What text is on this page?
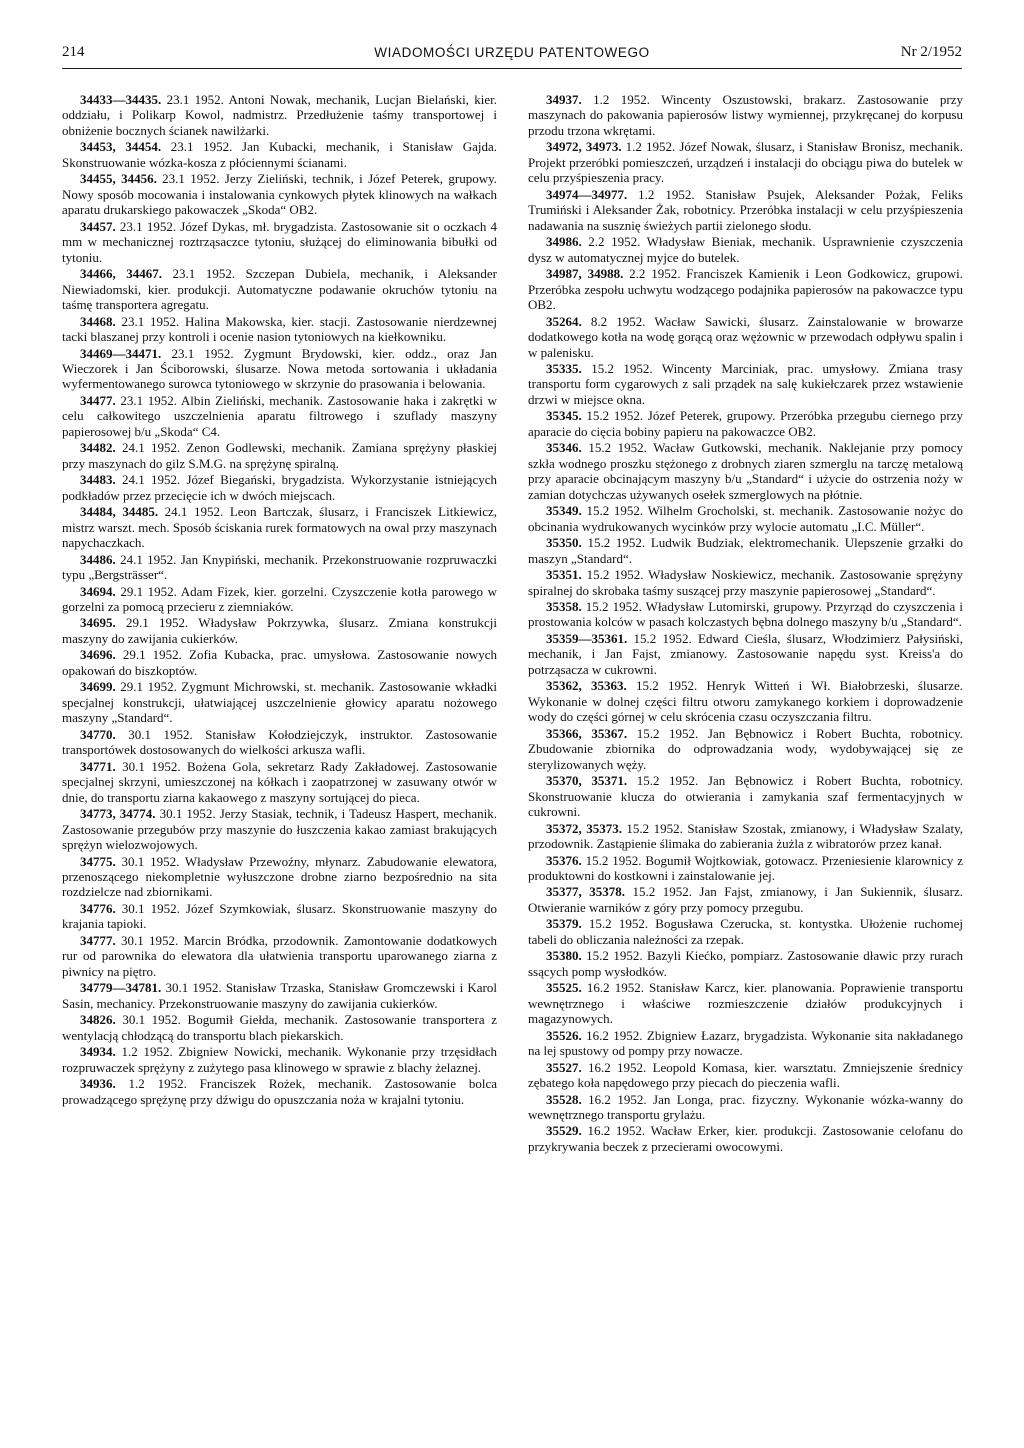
214	WIADOMOŚCI URZĘDU PATENTOWEGO	Nr 2/1952

34433—34435. 23.1 1952. Antoni Nowak, mechanik, Lucjan Bielański, kier. oddziału, i Polikarp Kowol, nadmistrz. Przedłużenie taśmy transportowej i obniżenie bocznych ścianek nawilżarki.

34453, 34454. 23.1 1952. Jan Kubacki, mechanik, i Stanisław Gajda. Skonstruowanie wózka-kosza z płóciennymi ścianami.

34455, 34456. 23.1 1952. Jerzy Zieliński, technik, i Józef Peterek, grupowy. Nowy sposób mocowania i instalowania cynkowych płytek klinowych na wałkach aparatu drukarskiego pakowaczek „Skoda“ OB2.

34457. 23.1 1952. Józef Dykas, mł. brygadzista. Zastosowanie sit o oczkach 4 mm w mechanicznej roztrząsaczce tytoniu, służącej do eliminowania bibułki od tytoniu.

34466, 34467. 23.1 1952. Szczepan Dubiela, mechanik, i Aleksander Niewiadomski, kier. produkcji. Automatyczne podawanie okruchów tytoniu na taśmę transportera agregatu.

34468. 23.1 1952. Halina Makowska, kier. stacji. Zastosowanie nierdzewnej tacki blaszanej przy kontroli i ocenie nasion tytoniowych na kiełkowniku.

34469—34471. 23.1 1952. Zygmunt Brydowski, kier. oddz., oraz Jan Wieczorek i Jan Ściborowski, ślusarze. Nowa metoda sortowania i układania wyfermentowanego surowca tytoniowego w skrzynie do prasowania i belowania.

34477. 23.1 1952. Albin Zieliński, mechanik. Zastosowanie haka i zakrętki w celu całkowitego uszczelnienia aparatu filtrowego i szuflady maszyny papierosowej b/u „Skoda“ C4.

34482. 24.1 1952. Zenon Godlewski, mechanik. Zamiana sprężyny płaskiej przy maszynach do gilz S.M.G. na sprężynę spiralną.

34483. 24.1 1952. Józef Biegański, brygadzista. Wykorzystanie istniejących podkładów przez przecięcie ich w dwóch miejscach.

34484, 34485. 24.1 1952. Leon Bartczak, ślusarz, i Franciszek Litkiewicz, mistrz warszt. mech. Sposób ściskania rurek formatowych na owal przy maszynach napychaczkach.

34486. 24.1 1952. Jan Knypiński, mechanik. Przekonstruowanie rozpruwaczki typu „Bergsträsser“.

34694. 29.1 1952. Adam Fizek, kier. gorzelni. Czyszczenie kotła parowego w gorzelni za pomocą przecieru z ziemniaków.

34695. 29.1 1952. Władysław Pokrzywka, ślusarz. Zmiana konstrukcji maszyny do zawijania cukierków.

34696. 29.1 1952. Zofia Kubacka, prac. umysłowa. Zastosowanie nowych opakowań do biszkoptów.

34699. 29.1 1952. Zygmunt Michrowski, st. mechanik. Zastosowanie wkładki specjalnej konstrukcji, ułatwiającej uszczelnienie głowicy aparatu nożowego maszyny „Standard“.

34770. 30.1 1952. Stanisław Kołodziejczyk, instruktor. Zastosowanie transportówek dostosowanych do wielkości arkusza wafli.

34771. 30.1 1952. Bożena Gola, sekretarz Rady Zakładowej. Zastosowanie specjalnej skrzyni, umieszczonej na kółkach i zaopatrzonej w zasuwany otwór w dnie, do transportu ziarna kakaowego z maszyny sortującej do pieca.

34773, 34774. 30.1 1952. Jerzy Stasiak, technik, i Tadeusz Haspert, mechanik. Zastosowanie przegubów przy maszynie do łuszczenia kakao zamiast brakujących sprężyn wielozwojowych.

34775. 30.1 1952. Władysław Przewoźny, młynarz. Zabudowanie elewatora, przenoszącego niekompletnie wyłuszczone drobne ziarno bezpośrednio na sita rozdzielcze nad zbiornikami.

34776. 30.1 1952. Józef Szymkowiak, ślusarz. Skonstruowanie maszyny do krajania tapioki.

34777. 30.1 1952. Marcin Bródka, przodownik. Zamontowanie dodatkowych rur od parownika do elewatora dla ułatwienia transportu uparowanego ziarna z piwnicy na piętro.

34779—34781. 30.1 1952. Stanisław Trzaska, Stanisław Gromczewski i Karol Sasin, mechanicy. Przekonstruowanie maszyny do zawijania cukierków.

34826. 30.1 1952. Bogumił Giełda, mechanik. Zastosowanie transportera z wentylacją chłodzącą do transportu blach piekarskich.

34934. 1.2 1952. Zbigniew Nowicki, mechanik. Wykonanie przy trzęsidłach rozpruwaczek sprężyny z zużytego pasa klinowego w sprawie z blachy żelaznej.

34936. 1.2 1952. Franciszek Rożek, mechanik. Zastosowanie bolca prowadzącego sprężynę przy dźwigu do opuszczania noża w krajalni tytoniu.

34937. 1.2 1952. Wincenty Oszustowski, brakarz. Zastosowanie przy maszynach do pakowania papierosów listwy wymiennej, przykręcanej do korpusu przodu trzona wkrętami.

34972, 34973. 1.2 1952. Józef Nowak, ślusarz, i Stanisław Bronisz, mechanik. Projekt przeróbki pomieszczeń, urządzeń i instalacji do obciągu piwa do butelek w celu przyśpieszenia pracy.

34974—34977. 1.2 1952. Stanisław Psujek, Aleksander Pożak, Feliks Trumiński i Aleksander Żak, robotnicy. Przeróbka instalacji w celu przyśpieszenia nadawania na susznię świeżych partii zielonego słodu.

34986. 2.2 1952. Władysław Bieniak, mechanik. Usprawnienie czyszczenia dysz w automatycznej myjce do butelek.

34987, 34988. 2.2 1952. Franciszek Kamienik i Leon Godkowicz, grupowi. Przeróbka zespołu uchwytu wodzącego podajnika papierosów na pakowaczce typu OB2.

35264. 8.2 1952. Wacław Sawicki, ślusarz. Zainstalowanie w browarze dodatkowego kotła na wodę gorącą oraz wężownic w przewodach odpływu spalin i w palenisku.

35335. 15.2 1952. Wincenty Marciniak, prac. umysłowy. Zmiana trasy transportu form cygarowych z sali prządek na salę kukiełczarek przez wstawienie drzwi w miejsce okna.

35345. 15.2 1952. Józef Peterek, grupowy. Przeróbka przegubu ciernego przy aparacie do cięcia bobiny papieru na pakowaczce OB2.

35346. 15.2 1952. Wacław Gutkowski, mechanik. Naklejanie przy pomocy szkła wodnego proszku stężonego z drobnych ziaren szmerglu na tarczę metalową przy aparacie obcinającym maszyny b/u „Standard“ i użycie do ostrzenia noży w zamian dotychczas używanych osełek szmerglowych na płótnie.

35349. 15.2 1952. Wilhelm Grocholski, st. mechanik. Zastosowanie nożyc do obcinania wydrukowanych wycinków przy wylocie automatu „I.C. Müller“.

35350. 15.2 1952. Ludwik Budziak, elektromechanik. Ulepszenie grzałki do maszyn „Standard“.

35351. 15.2 1952. Władysław Noskiewicz, mechanik. Zastosowanie sprężyny spiralnej do skrobaka taśmy suszącej przy maszynie papierosowej „Standard“.

35358. 15.2 1952. Władysław Lutomirski, grupowy. Przyrząd do czyszczenia i prostowania kolców w pasach kolczastych bębna dolnego maszyny b/u „Standard“.

35359—35361. 15.2 1952. Edward Cieśla, ślusarz, Włodzimierz Pałysiński, mechanik, i Jan Fajst, zmianowy. Zastosowanie napędu syst. Kreiss'a do potrząsacza w cukrowni.

35362, 35363. 15.2 1952. Henryk Witteń i Wł. Białobrzeski, ślusarze. Wykonanie w dolnej części filtru otworu zamykanego korkiem i doprowadzenie wody do części górnej w celu skrócenia czasu oczyszczania filtru.

35366, 35367. 15.2 1952. Jan Bębnowicz i Robert Buchta, robotnicy. Zbudowanie zbiornika do odprowadzania wody, wydobywającej się ze sterylizowanych węży.

35370, 35371. 15.2 1952. Jan Bębnowicz i Robert Buchta, robotnicy. Skonstruowanie klucza do otwierania i zamykania szaf fermentacyjnych w cukrowni.

35372, 35373. 15.2 1952. Stanisław Szostak, zmianowy, i Władysław Szalaty, przodownik. Zastąpienie ślimaka do zabierania żużla z wibratorów przez kanał.

35376. 15.2 1952. Bogumił Wojtkowiak, gotowacz. Przeniesienie klarownicy z produktowni do kostkowni i zainstalowanie jej.

35377, 35378. 15.2 1952. Jan Fajst, zmianowy, i Jan Sukiennik, ślusarz. Otwieranie warników z góry przy pomocy przegubu.

35379. 15.2 1952. Bogusława Czerucka, st. kontystka. Ułożenie ruchomej tabeli do obliczania należności za rzepak.

35380. 15.2 1952. Bazyli Kiećko, pompiarz. Zastosowanie dławic przy rurach ssących pomp wysłodków.

35525. 16.2 1952. Stanisław Karcz, kier. planowania. Poprawienie transportu wewnętrznego i właściwe rozmieszczenie działów produkcyjnych i magazynowych.

35526. 16.2 1952. Zbigniew Łazarz, brygadzista. Wykonanie sita nakładanego na lej spustowy od pompy przy nowacze.

35527. 16.2 1952. Leopold Komasa, kier. warsztatu. Zmniejszenie średnicy zębatego koła napędowego przy piecach do pieczenia wafli.

35528. 16.2 1952. Jan Longa, prac. fizyczny. Wykonanie wózka-wanny do wewnętrznego transportu grylażu.

35529. 16.2 1952. Wacław Erker, kier. produkcji. Zastosowanie celofanu do przykrywania beczek z przecierami owocowymi.
